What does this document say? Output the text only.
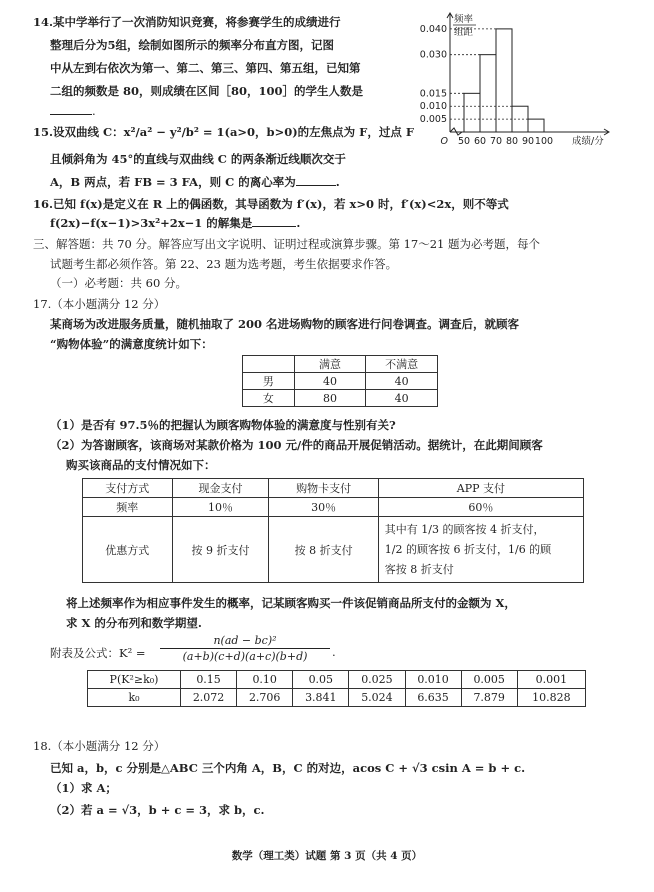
14.某中学举行了一次消防知识竞赛，将参赛学生的成绩进行
整理后分为5组，绘制如图所示的频率分布直方图，记图
中从左到右依次为第一、第二、第三、第四、第五组，已知第
二组的频数是 80，则成绩在区间［80，100］的学生人数是
.
0.040
0.030
0.015
0.010
0.005
50 60 70 80 90 100
O
频率
组距
成绩/分
15.设双曲线 C：x²/a² − y²/b² = 1(a>0，b>0)的左焦点为 F，过点 F
且倾斜角为 45°的直线与双曲线 C 的两条渐近线顺次交于
A，B 两点，若 FB = 3 FA，则 C 的离心率为	.
16.已知 f(x)是定义在 R 上的偶函数，其导函数为 f′(x)，若 x>0 时，f′(x)<2x，则不等式
f(2x)−f(x−1)>3x²+2x−1 的解集是	.
三、解答题：共 70 分。解答应写出文字说明、证明过程或演算步骤。第 17～21 题为必考题，每个
试题考生都必须作答。第 22、23 题为选考题，考生依据要求作答。
（一）必考题：共 60 分。
17.（本小题满分 12 分）
某商场为改进服务质量，随机抽取了 200 名进场购物的顾客进行问卷调查。调查后，就顾客
“购物体验”的满意度统计如下：
	满意	不满意
男	40	40
女	80	40
（1）是否有 97.5％的把握认为顾客购物体验的满意度与性别有关?
（2）为答谢顾客，该商场对某款价格为 100 元/件的商品开展促销活动。据统计，在此期间顾客
购买该商品的支付情况如下：
支付方式	现金支付	购物卡支付	APP 支付
频率	10％	30％	60％
优惠方式	按 9 折支付	按 8 折支付	其中有 1/3 的顾客按 4 折支付，
1/2 的顾客按 6 折支付，1/6 的顾
客按 8 折支付
将上述频率作为相应事件发生的概率，记某顾客购买一件该促销商品所支付的金额为 X，
求 X 的分布列和数学期望.
附表及公式：K² =
n(ad − bc)²
(a+b)(c+d)(a+c)(b+d)	.
P(K²≥k₀)	0.15	0.10	0.05	0.025	0.010	0.005	0.001
k₀	2.072	2.706	3.841	5.024	6.635	7.879	10.828
18.（本小题满分 12 分）
已知 a，b，c 分别是△ABC 三个内角 A，B，C 的对边，acos C + √3 csin A = b + c.
（1）求 A；
（2）若 a = √3，b + c = 3，求 b，c.
数学（理工类）试题 第 3 页（共 4 页）
